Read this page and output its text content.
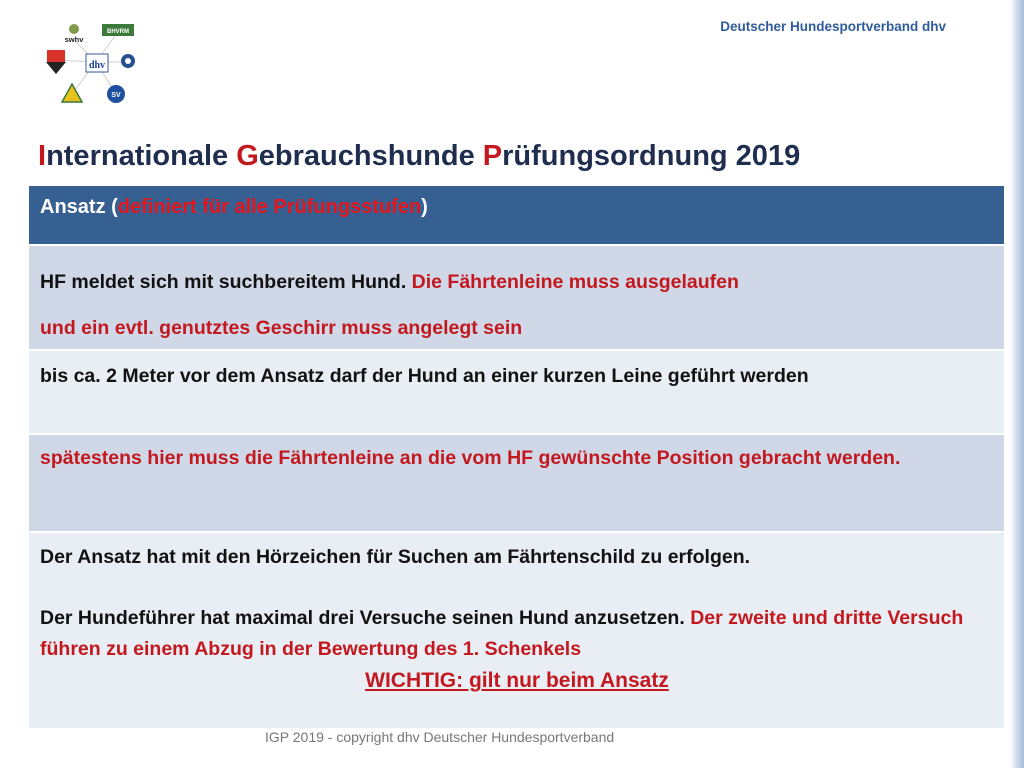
Deutscher Hundesportverband dhv
swhv
BHVRM
dhv
SV
Internationale Gebrauchshunde Prüfungsordnung 2019
Ansatz (definiert für alle Prüfungsstufen)
HF meldet sich mit suchbereitem Hund. Die Fährtenleine muss ausgelaufen
und ein evtl. genutztes Geschirr muss angelegt sein
bis ca. 2 Meter vor dem Ansatz darf der Hund an einer kurzen Leine geführt werden
spätestens hier muss die Fährtenleine an die vom HF gewünschte Position gebracht werden.
Der Ansatz hat mit den Hörzeichen für Suchen am Fährtenschild zu erfolgen.
Der Hundeführer hat maximal drei Versuche seinen Hund anzusetzen. Der zweite und dritte Versuch führen zu einem Abzug in der Bewertung des 1. Schenkels
WICHTIG: gilt nur beim Ansatz
IGP 2019 - copyright dhv Deutscher Hundesportverband
